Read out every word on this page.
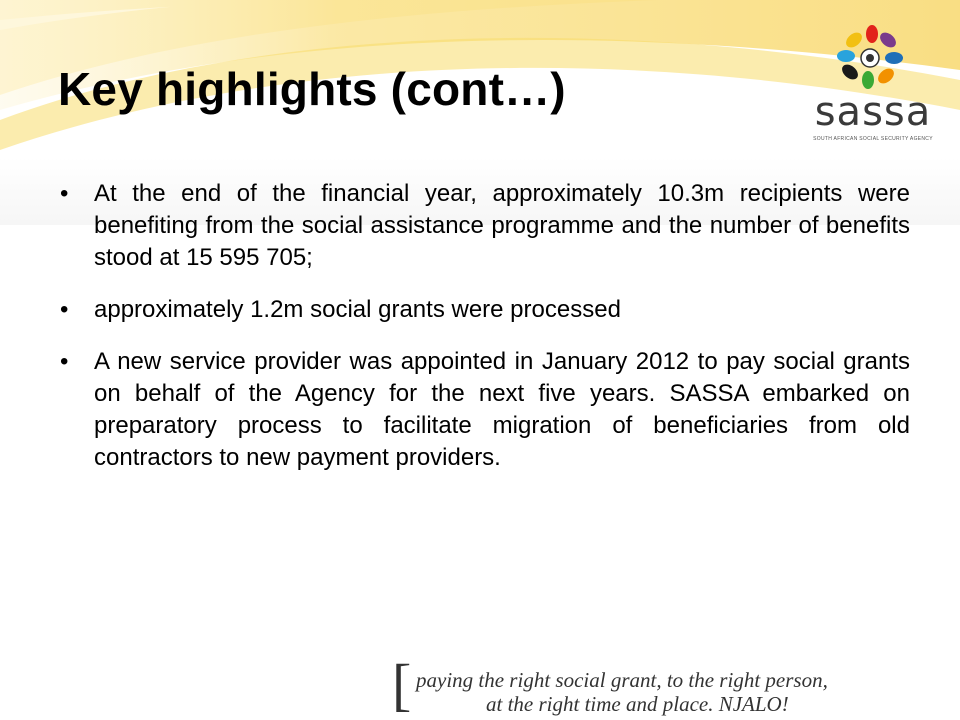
Key highlights (cont…)	sassa
SOUTH AFRICAN SOCIAL SECURITY AGENCY
• At the end of the financial year, approximately 10.3m recipients were benefiting from the social assistance programme and the number of benefits stood at 15 595 705;
• approximately 1.2m social grants were processed
• A new service provider was appointed in January 2012 to pay social grants on behalf of the Agency for the next five years. SASSA embarked on preparatory process to facilitate migration of beneficiaries from old contractors to new payment providers.
[ paying the right social grant, to the right person,
at the right time and place. NJALO!
